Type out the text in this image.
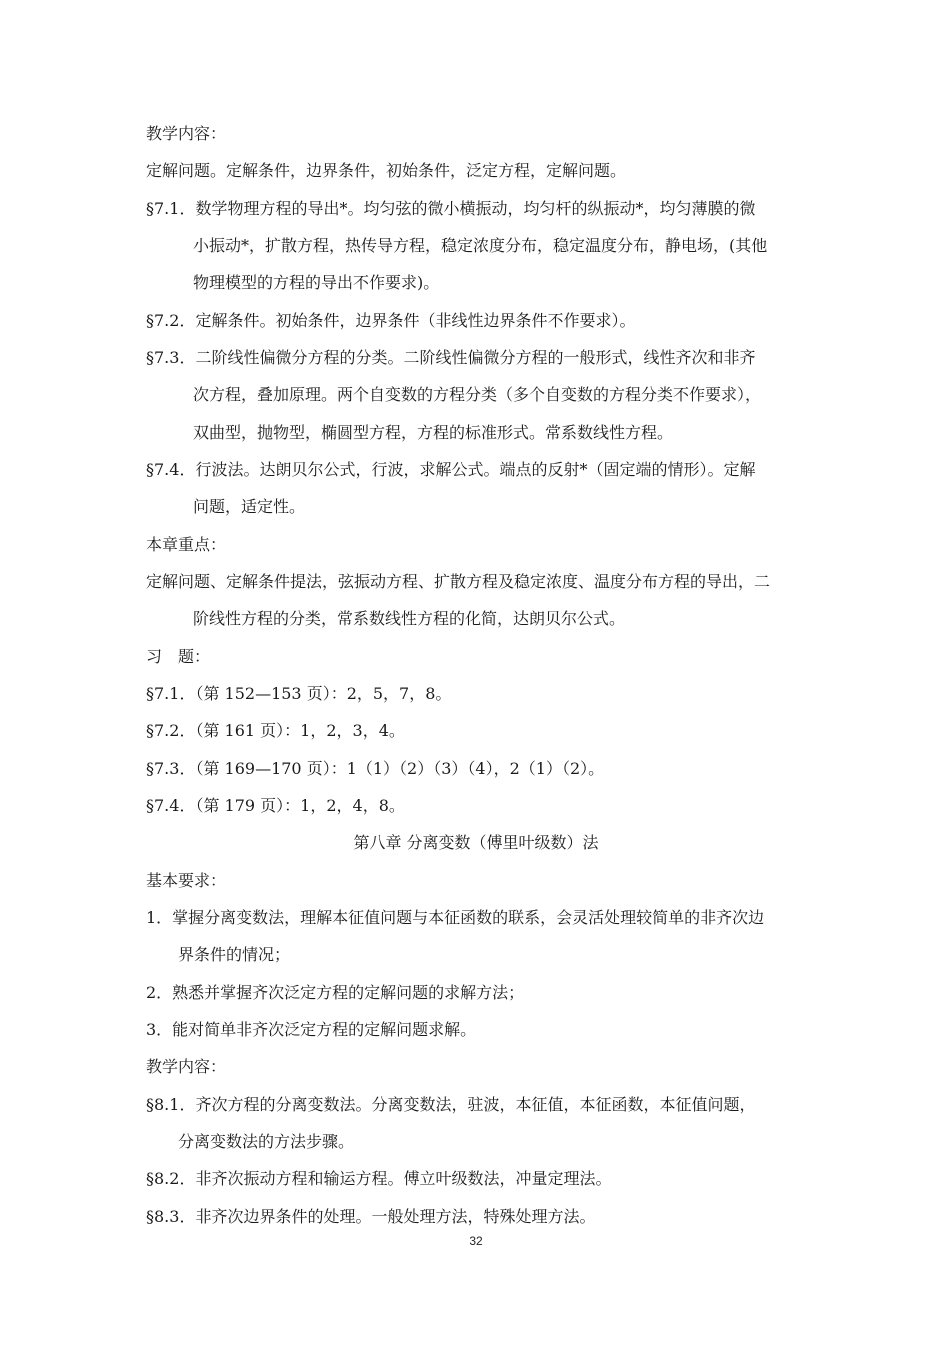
教学内容：
定解问题。定解条件，边界条件，初始条件，泛定方程，定解问题。
§7.1．数学物理方程的导出*。均匀弦的微小横振动，均匀杆的纵振动*，均匀薄膜的微
小振动*，扩散方程，热传导方程，稳定浓度分布，稳定温度分布，静电场，(其他
物理模型的方程的导出不作要求)。
§7.2．定解条件。初始条件，边界条件（非线性边界条件不作要求）。
§7.3．二阶线性偏微分方程的分类。二阶线性偏微分方程的一般形式，线性齐次和非齐
次方程，叠加原理。两个自变数的方程分类（多个自变数的方程分类不作要求），
双曲型，抛物型，椭圆型方程，方程的标准形式。常系数线性方程。
§7.4．行波法。达朗贝尔公式，行波，求解公式。端点的反射*（固定端的情形）。定解
问题，适定性。
本章重点：
定解问题、定解条件提法，弦振动方程、扩散方程及稳定浓度、温度分布方程的导出，二
阶线性方程的分类，常系数线性方程的化简，达朗贝尔公式。
习　题：
§7.1．（第 152—153 页）：2，5，7，8。
§7.2．（第 161 页）：1，2，3，4。
§7.3．（第 169—170 页）：1（1）（2）（3）（4），2（1）（2）。
§7.4．（第 179 页）：1，2，4，8。
第八章 分离变数（傅里叶级数）法
基本要求：
1．掌握分离变数法，理解本征值问题与本征函数的联系，会灵活处理较简单的非齐次边
界条件的情况；
2．熟悉并掌握齐次泛定方程的定解问题的求解方法；
3．能对简单非齐次泛定方程的定解问题求解。
教学内容：
§8.1．齐次方程的分离变数法。分离变数法，驻波，本征值，本征函数，本征值问题，
分离变数法的方法步骤。
§8.2．非齐次振动方程和输运方程。傅立叶级数法，冲量定理法。
§8.3．非齐次边界条件的处理。一般处理方法，特殊处理方法。
32
